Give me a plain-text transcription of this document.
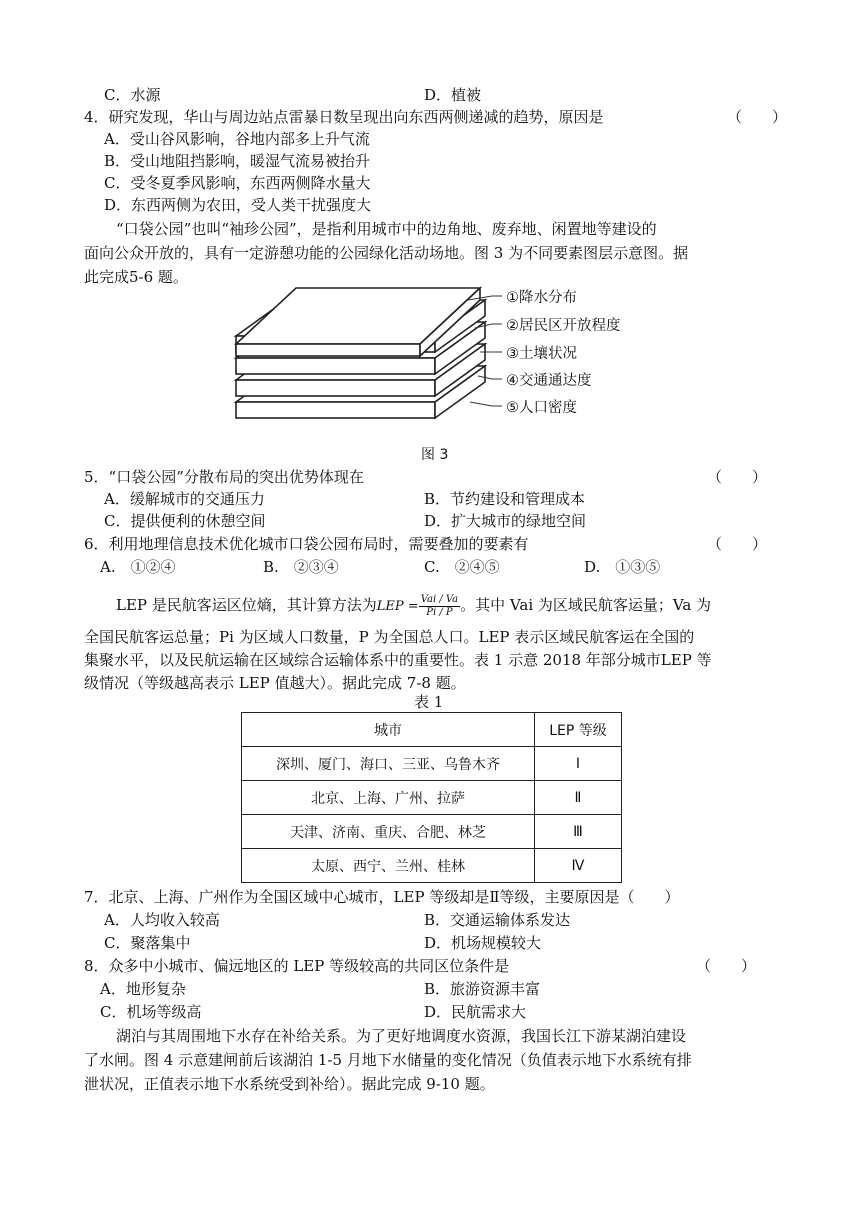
C．水源	D．植被
4．研究发现，华山与周边站点雷暴日数呈现出向东西两侧递减的趋势，原因是	（　　）
A．受山谷风影响，谷地内部多上升气流
B．受山地阻挡影响，暖湿气流易被抬升
C．受冬夏季风影响，东西两侧降水量大
D．东西两侧为农田，受人类干扰强度大
“口袋公园”也叫“袖珍公园”，是指利用城市中的边角地、废弃地、闲置地等建设的
面向公众开放的，具有一定游憩功能的公园绿化活动场地。图 3 为不同要素图层示意图。据
此完成5-6 题。
①降水分布
②居民区开放程度
③土壤状况
④交通通达度
⑤人口密度
图 3
5．“口袋公园”分散布局的突出优势体现在	（　　）
A．缓解城市的交通压力	B．节约建设和管理成本
C．提供便利的休憩空间	D．扩大城市的绿地空间
6．利用地理信息技术优化城市口袋公园布局时，需要叠加的要素有	（　　）
A.　①②④	B.　②③④	C.　②④⑤	D.　①③⑤
LEP 是民航客运区位熵，其计算方法为LEP = $\frac{\text{Vai / Va}}{Pi / P}$ 。其中 Vai 为区域民航客运量；Va 为
全国民航客运总量；Pi 为区域人口数量，P 为全国总人口。LEP 表示区域民航客运在全国的
集聚水平，以及民航运输在区域综合运输体系中的重要性。表 1 示意 2018 年部分城市LEP 等
级情况（等级越高表示 LEP 值越大）。据此完成 7-8 题。
表 1
城市	LEP 等级
深圳、厦门、海口、三亚、乌鲁木齐	Ⅰ
北京、上海、广州、拉萨	Ⅱ
天津、济南、重庆、合肥、林芝	Ⅲ
太原、西宁、兰州、桂林	Ⅳ
7．北京、上海、广州作为全国区域中心城市，LEP 等级却是Ⅱ等级，主要原因是（　　）
A．人均收入较高	B．交通运输体系发达
C．聚落集中	D．机场规模较大
8．众多中小城市、偏远地区的 LEP 等级较高的共同区位条件是	（　　）
A．地形复杂	B．旅游资源丰富
C．机场等级高	D．民航需求大
湖泊与其周围地下水存在补给关系。为了更好地调度水资源，我国长江下游某湖泊建设
了水闸。图 4 示意建闸前后该湖泊 1-5 月地下水储量的变化情况（负值表示地下水系统有排
泄状况，正值表示地下水系统受到补给）。据此完成 9-10 题。
